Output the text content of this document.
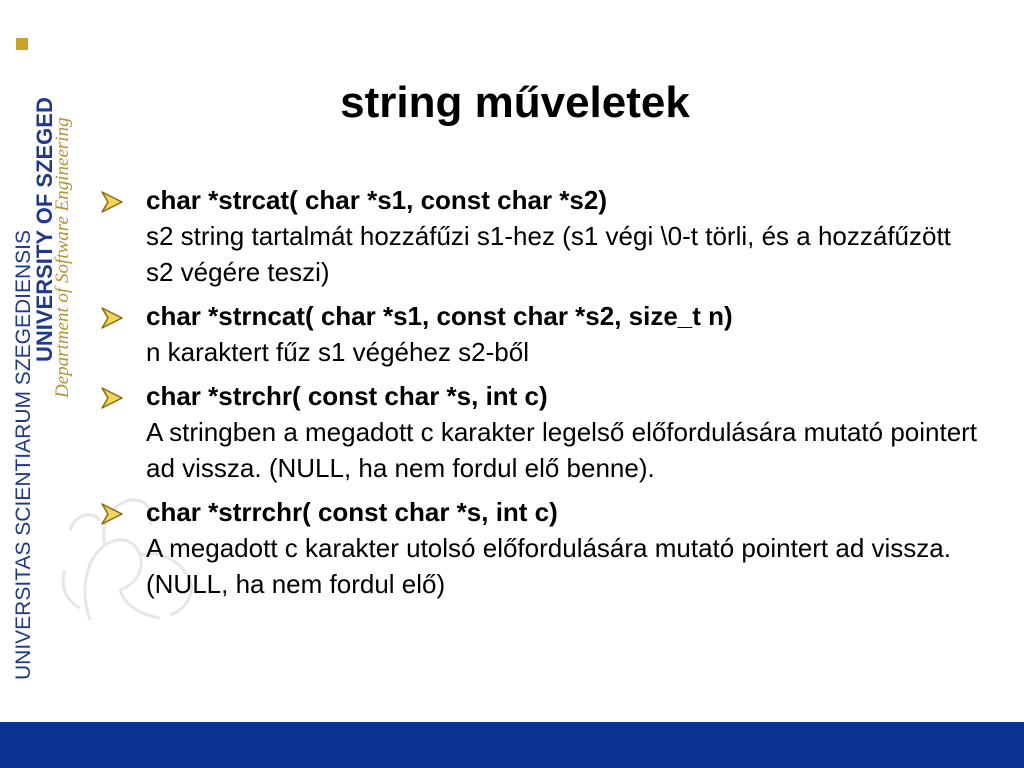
UNIVERSITAS SCIENTIARUM SZEGEDIENSIS
UNIVERSITY OF SZEGED
Department of Software Engineering
string műveletek
char *strcat( char *s1, const char *s2)
s2 string tartalmát hozzáfűzi s1-hez (s1 végi \0-t törli, és a hozzáfűzött s2 végére teszi)
char *strncat( char *s1, const char *s2, size_t n)
n karaktert fűz s1 végéhez s2-ből
char *strchr( const char *s, int c)
A stringben a megadott c karakter legelső előfordulására mutató pointert ad vissza. (NULL, ha nem fordul elő benne).
char *strrchr( const char *s, int c)
A megadott c karakter utolsó előfordulására mutató pointert ad vissza. (NULL, ha nem fordul elő)
